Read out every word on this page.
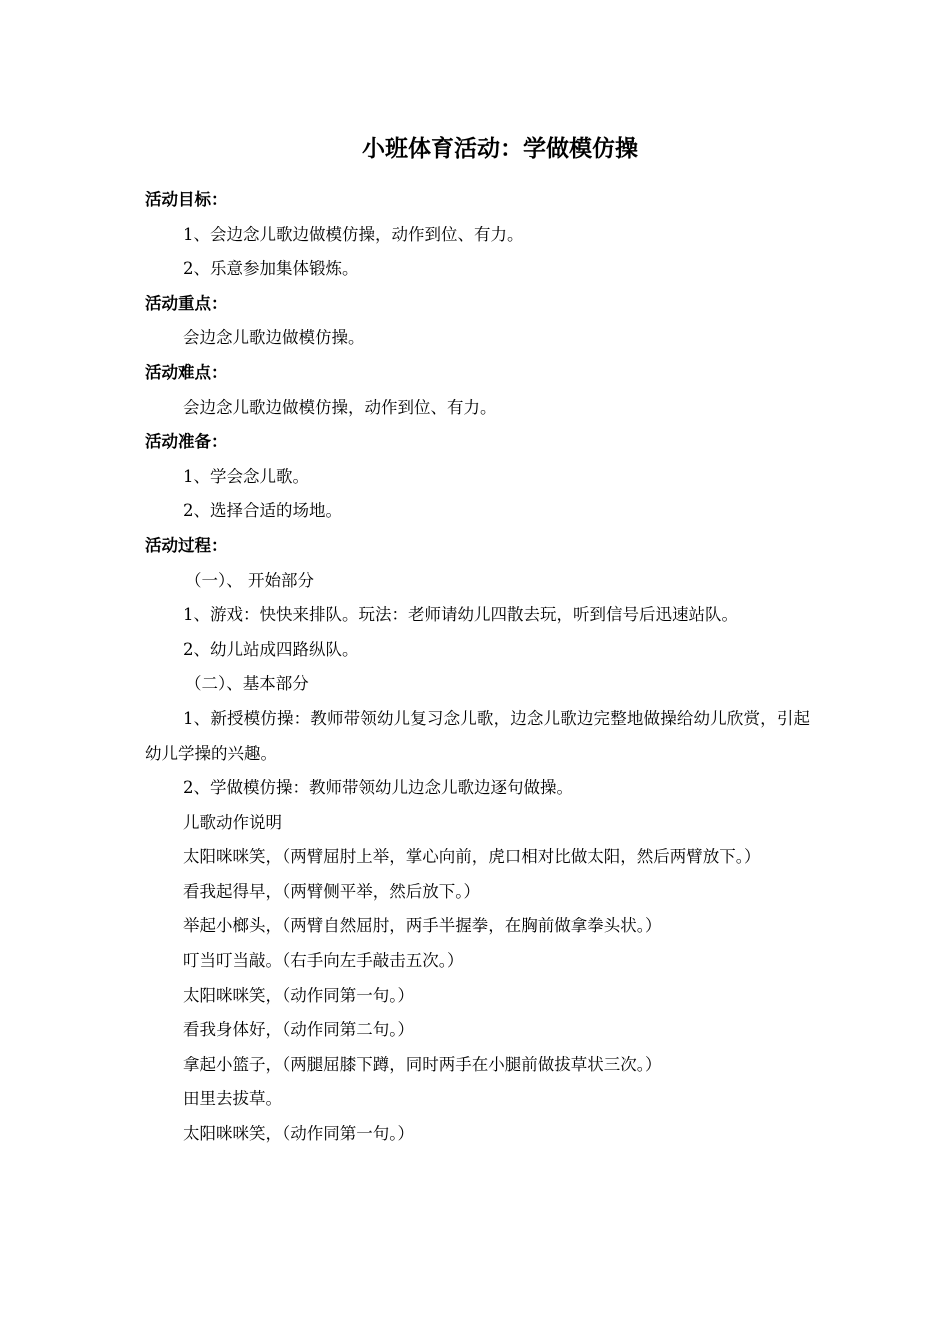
小班体育活动：学做模仿操
活动目标：
1、会边念儿歌边做模仿操，动作到位、有力。
2、乐意参加集体锻炼。
活动重点：
会边念儿歌边做模仿操。
活动难点：
会边念儿歌边做模仿操，动作到位、有力。
活动准备：
1、学会念儿歌。
2、选择合适的场地。
活动过程：
（一）、 开始部分
1、游戏：快快来排队。玩法：老师请幼儿四散去玩，听到信号后迅速站队。
2、幼儿站成四路纵队。
（二）、基本部分
1、新授模仿操：教师带领幼儿复习念儿歌，边念儿歌边完整地做操给幼儿欣赏，引起幼儿学操的兴趣。
2、学做模仿操：教师带领幼儿边念儿歌边逐句做操。
儿歌动作说明
太阳咪咪笑，（两臂屈肘上举，掌心向前，虎口相对比做太阳，然后两臂放下。）
看我起得早，（两臂侧平举，然后放下。）
举起小榔头，（两臂自然屈肘，两手半握拳，在胸前做拿拳头状。）
叮当叮当敲。（右手向左手敲击五次。）
太阳咪咪笑，（动作同第一句。）
看我身体好，（动作同第二句。）
拿起小篮子，（两腿屈膝下蹲，同时两手在小腿前做拔草状三次。）
田里去拔草。
太阳咪咪笑，（动作同第一句。）
